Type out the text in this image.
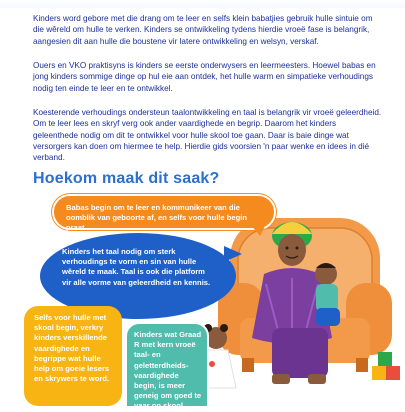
Kinders word gebore met die drang om te leer en selfs klein babatjies gebruik hulle sintuie om die wêreld om hulle te verken. Kinders se ontwikkeling tydens hierdie vroeë fase is belangrik, aangesien dit aan hulle die boustene vir latere ontwikkeling en welsyn, verskaf.

Ouers en VKO praktisyns is kinders se eerste onderwysers en leermeesters. Hoewel babas en jong kinders sommige dinge op hul eie aan ontdek, het hulle warm en simpatieke verhoudings nodig ten einde te leer en te ontwikkel.

Koesterende verhoudings ondersteun taalontwikkeling en taal is belangrik vir vroeë geleerdheid. Om te leer lees en skryf verg ook ander vaardighede en begrip. Daarom het kinders geleenthede nodig om dit te ontwikkel voor hulle skool toe gaan. Daar is baie dinge wat versorgers kan doen om hiermee te help. Hierdie gids voorsien 'n paar wenke en idees in dié verband.

Hoekom maak dit saak?
Babas begin om te leer en kommunikeer van die oomblik van geboorte af, en selfs voor hulle begin praat.
Kinders het taal nodig om sterk verhoudings te vorm en sin van hulle wêreld te maak. Taal is ook die platform vir alle vorme van geleerdheid en kennis.
Selfs voor hulle met skool begin, verkry kinders verskillende vaardighede en begrippe wat hulle help om goeie lesers en skrywers te word.
Kinders wat Graad R met kern vroeë taal- en geletterdheids-vaardighede begin, is meer geneig om goed te vaar op skool
